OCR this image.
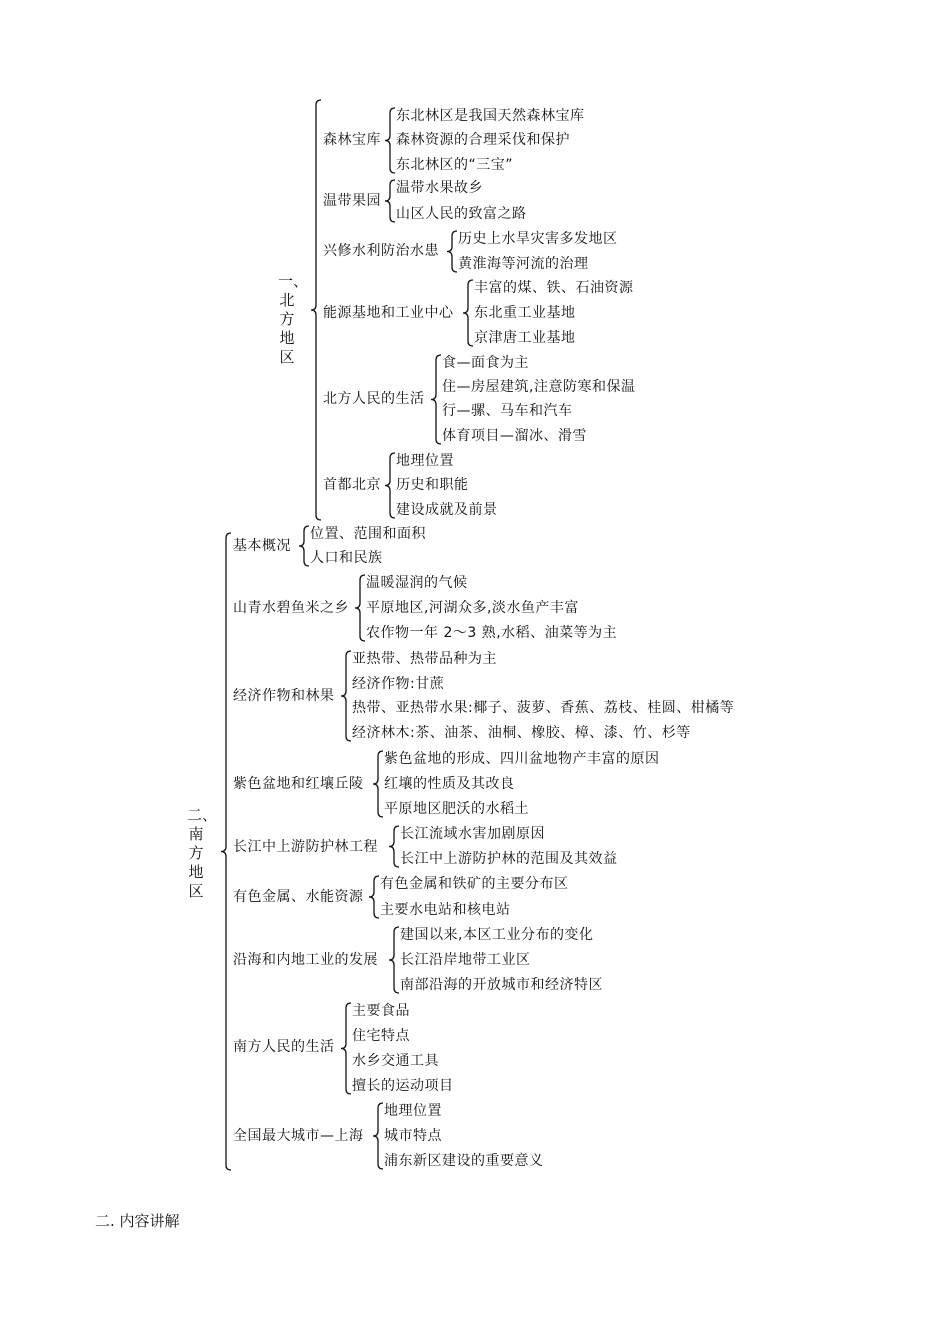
一、北方地区
森林宝库
东北林区是我国天然森林宝库
森林资源的合理采伐和保护
东北林区的“三宝”
温带果园
温带水果故乡
山区人民的致富之路
兴修水利防治水患
历史上水旱灾害多发地区
黄淮海等河流的治理
能源基地和工业中心
丰富的煤、铁、石油资源
东北重工业基地
京津唐工业基地
北方人民的生活
食—面食为主
住—房屋建筑,注意防寒和保温
行—骡、马车和汽车
体育项目—溜冰、滑雪
首都北京
地理位置
历史和职能
建设成就及前景
二、南方地区
基本概况
位置、范围和面积
人口和民族
山青水碧鱼米之乡
温暖湿润的气候
平原地区,河湖众多,淡水鱼产丰富
农作物一年 2～3 熟,水稻、油菜等为主
经济作物和林果
亚热带、热带品种为主
经济作物:甘蔗
热带、亚热带水果:椰子、菠萝、香蕉、荔枝、桂圆、柑橘等
经济林木:茶、油茶、油桐、橡胶、樟、漆、竹、杉等
紫色盆地和红壤丘陵
紫色盆地的形成、四川盆地物产丰富的原因
红壤的性质及其改良
平原地区肥沃的水稻土
长江中上游防护林工程
长江流域水害加剧原因
长江中上游防护林的范围及其效益
有色金属、水能资源
有色金属和铁矿的主要分布区
主要水电站和核电站
沿海和内地工业的发展
建国以来,本区工业分布的变化
长江沿岸地带工业区
南部沿海的开放城市和经济特区
南方人民的生活
主要食品
住宅特点
水乡交通工具
擅长的运动项目
全国最大城市—上海
地理位置
城市特点
浦东新区建设的重要意义
二. 内容讲解
